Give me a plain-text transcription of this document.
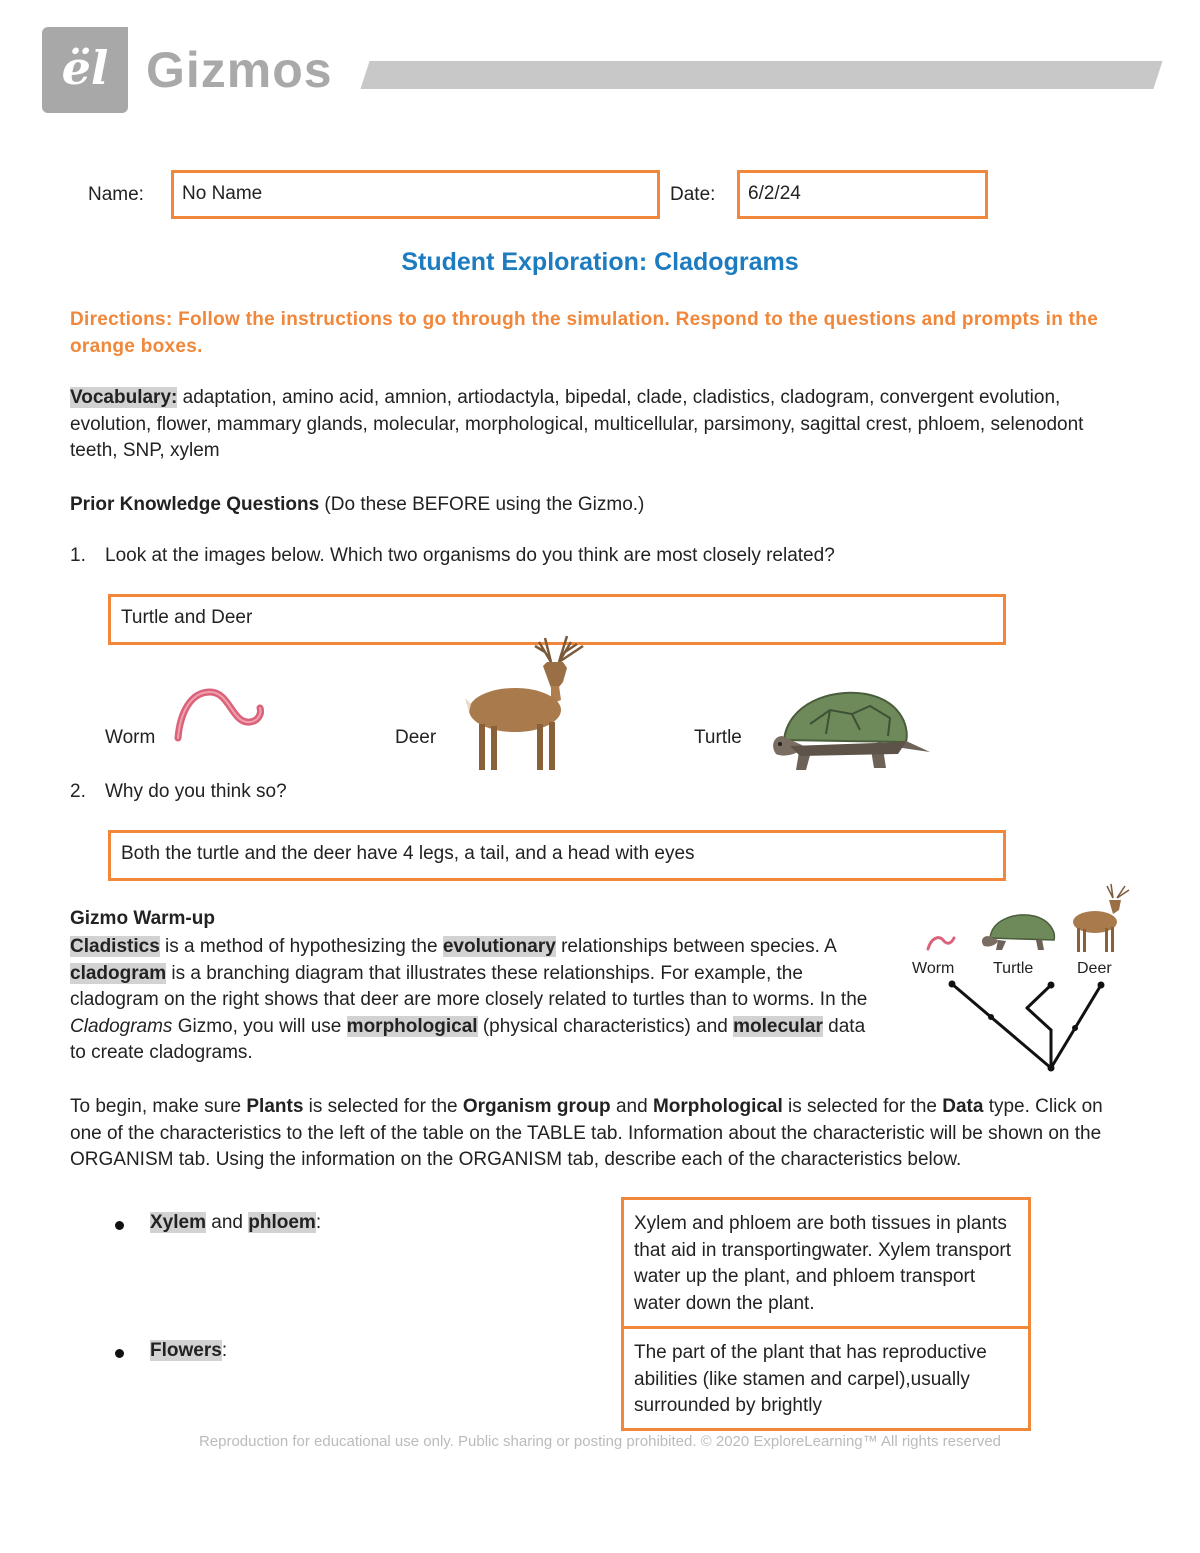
ël Gizmos
Name:	No Name	Date:	6/2/24
Student Exploration: Cladograms
Directions: Follow the instructions to go through the simulation. Respond to the questions and prompts in the orange boxes.
Vocabulary: adaptation, amino acid, amnion, artiodactyla, bipedal, clade, cladistics, cladogram, convergent evolution, evolution, flower, mammary glands, molecular, morphological, multicellular, parsimony, sagittal crest, phloem, selenodont teeth, SNP, xylem
Prior Knowledge Questions (Do these BEFORE using the Gizmo.)
1. Look at the images below. Which two organisms do you think are most closely related?
Turtle and Deer
Worm	Deer	Turtle
2. Why do you think so?
Both the turtle and the deer have 4 legs, a tail, and a head with eyes
Gizmo Warm-up
Cladistics is a method of hypothesizing the evolutionary relationships between species. A cladogram is a branching diagram that illustrates these relationships. For example, the cladogram on the right shows that deer are more closely related to turtles than to worms. In the Cladograms Gizmo, you will use morphological (physical characteristics) and molecular data to create cladograms.
Worm Turtle	Deer
To begin, make sure Plants is selected for the Organism group and Morphological is selected for the Data type. Click on one of the characteristics to the left of the table on the TABLE tab. Information about the characteristic will be shown on the ORGANISM tab. Using the information on the ORGANISM tab, describe each of the characteristics below.
Xylem and phloem:	Xylem and phloem are both tissues in plants that aid in transportingwater. Xylem transport water up the plant, and phloem transport water down the plant.
Flowers:	The part of the plant that has reproductive abilities (like stamen and carpel),usually surrounded by brightly
Reproduction for educational use only. Public sharing or posting prohibited. © 2020 ExploreLearning™ All rights reserved
